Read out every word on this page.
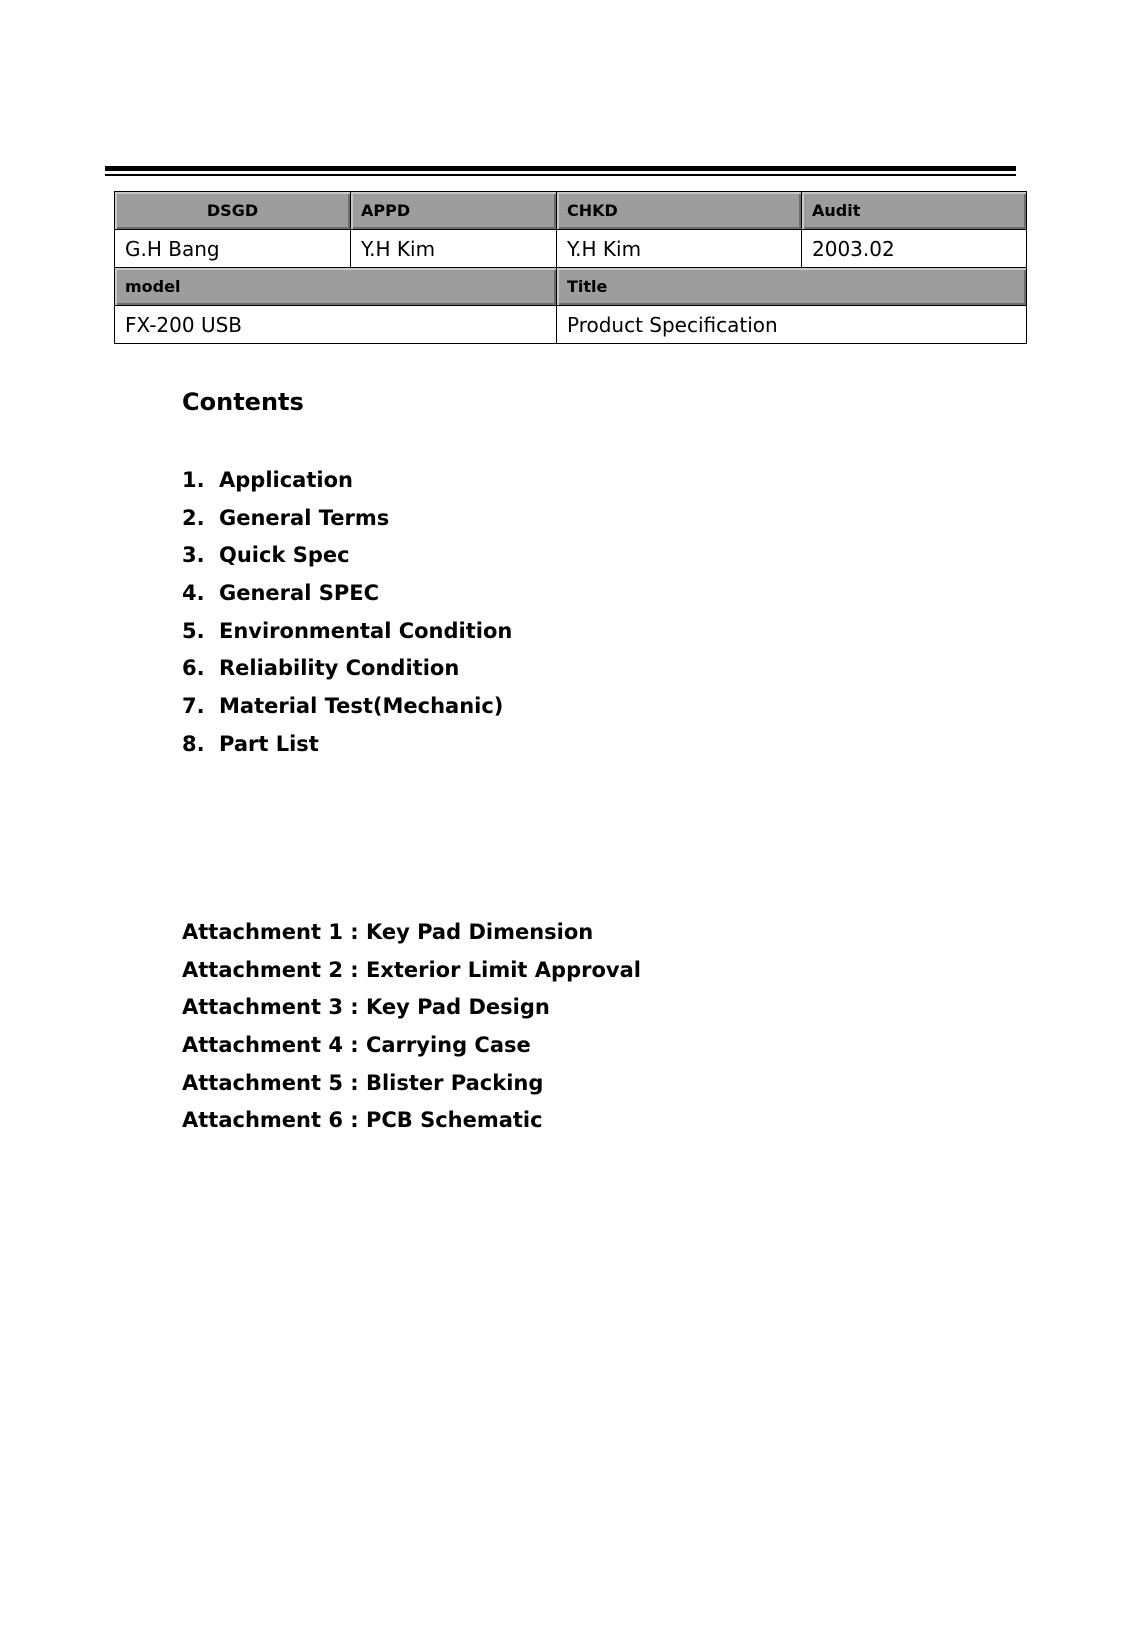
DSGD	APPD	CHKD	Audit
G.H Bang	Y.H Kim	Y.H Kim	2003.02
model		Title	
FX-200 USB		Product Specification	
Contents
1. Application
2. General Terms
3. Quick Spec
4. General SPEC
5. Environmental Condition
6. Reliability Condition
7. Material Test(Mechanic)
8. Part List
Attachment 1 : Key Pad Dimension
Attachment 2 : Exterior Limit Approval
Attachment 3 : Key Pad Design
Attachment 4 : Carrying Case
Attachment 5 : Blister Packing
Attachment 6 : PCB Schematic
